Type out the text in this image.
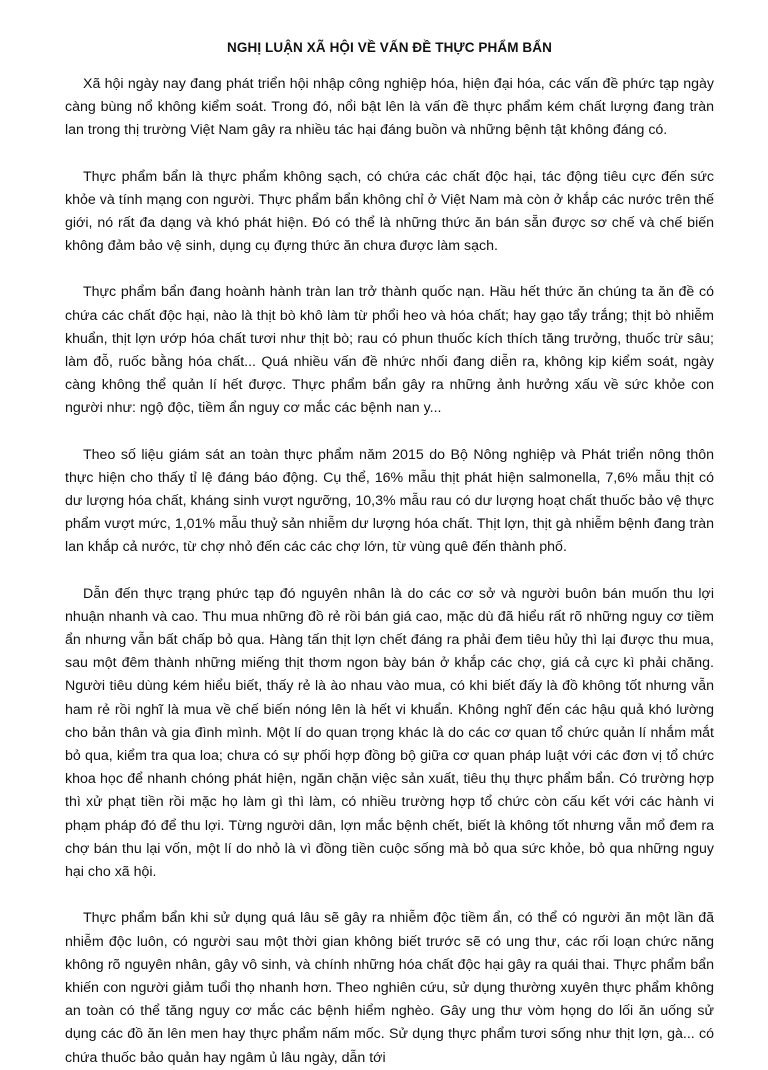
NGHỊ LUẬN XÃ HỘI VỀ VẤN ĐỀ THỰC PHẨM BẨN

Xã hội ngày nay đang phát triển hội nhập công nghiệp hóa, hiện đại hóa, các vấn đề phức tạp ngày càng bùng nổ không kiểm soát. Trong đó, nổi bật lên là vấn đề thực phẩm kém chất lượng đang tràn lan trong thị trường Việt Nam gây ra nhiều tác hại đáng buồn và những bệnh tật không đáng có.

Thực phẩm bẩn là thực phẩm không sạch, có chứa các chất độc hại, tác động tiêu cực đến sức khỏe và tính mạng con người. Thực phẩm bẩn không chỉ ở Việt Nam mà còn ở khắp các nước trên thế giới, nó rất đa dạng và khó phát hiện. Đó có thể là những thức ăn bán sẵn được sơ chế và chế biến không đảm bảo vệ sinh, dụng cụ đựng thức ăn chưa được làm sạch.

Thực phẩm bẩn đang hoành hành tràn lan trở thành quốc nạn. Hầu hết thức ăn chúng ta ăn đề có chứa các chất độc hại, nào là thịt bò khô làm từ phổi heo và hóa chất; hay gạo tẩy trắng; thịt bò nhiễm khuẩn, thịt lợn ướp hóa chất tươi như thịt bò; rau có phun thuốc kích thích tăng trưởng, thuốc trừ sâu; làm đỗ, ruốc bằng hóa chất... Quá nhiều vấn đề nhức nhối đang diễn ra, không kịp kiểm soát, ngày càng không thể quản lí hết được. Thực phẩm bẩn gây ra những ảnh hưởng xấu về sức khỏe con người như: ngộ độc, tiềm ẩn nguy cơ mắc các bệnh nan y...

Theo số liệu giám sát an toàn thực phẩm năm 2015 do Bộ Nông nghiệp và Phát triển nông thôn thực hiện cho thấy tỉ lệ đáng báo động. Cụ thể, 16% mẫu thịt phát hiện salmonella, 7,6% mẫu thịt có dư lượng hóa chất, kháng sinh vượt ngưỡng, 10,3% mẫu rau có dư lượng hoạt chất thuốc bảo vệ thực phẩm vượt mức, 1,01% mẫu thuỷ sản nhiễm dư lượng hóa chất. Thịt lợn, thịt gà nhiễm bệnh đang tràn lan khắp cả nước, từ chợ nhỏ đến các các chợ lớn, từ vùng quê đến thành phố.

Dẫn đến thực trạng phức tạp đó nguyên nhân là do các cơ sở và người buôn bán muốn thu lợi nhuận nhanh và cao. Thu mua những đồ rẻ rồi bán giá cao, mặc dù đã hiểu rất rõ những nguy cơ tiềm ẩn nhưng vẫn bất chấp bỏ qua. Hàng tấn thịt lợn chết đáng ra phải đem tiêu hủy thì lại được thu mua, sau một đêm thành những miếng thịt thơm ngon bày bán ở khắp các chợ, giá cả cực kì phải chăng. Người tiêu dùng kém hiểu biết, thấy rẻ là ào nhau vào mua, có khi biết đấy là đồ không tốt nhưng vẫn ham rẻ rồi nghĩ là mua về chế biến nóng lên là hết vi khuẩn. Không nghĩ đến các hậu quả khó lường cho bản thân và gia đình mình. Một lí do quan trọng khác là do các cơ quan tổ chức quản lí nhắm mắt bỏ qua, kiểm tra qua loa; chưa có sự phối hợp đồng bộ giữa cơ quan pháp luật với các đơn vị tổ chức khoa học để nhanh chóng phát hiện, ngăn chặn việc sản xuất, tiêu thụ thực phẩm bẩn. Có trường hợp thì xử phạt tiền rồi mặc họ làm gì thì làm, có nhiều trường hợp tổ chức còn cấu kết với các hành vi phạm pháp đó để thu lợi. Từng người dân, lợn mắc bệnh chết, biết là không tốt nhưng vẫn mổ đem ra chợ bán thu lại vốn, một lí do nhỏ là vì đồng tiền cuộc sống mà bỏ qua sức khỏe, bỏ qua những nguy hại cho xã hội.

Thực phẩm bẩn khi sử dụng quá lâu sẽ gây ra nhiễm độc tiềm ẩn, có thể có người ăn một lần đã nhiễm độc luôn, có người sau một thời gian không biết trước sẽ có ung thư, các rối loạn chức năng không rõ nguyên nhân, gây vô sinh, và chính những hóa chất độc hại gây ra quái thai. Thực phẩm bẩn khiến con người giảm tuổi thọ nhanh hơn. Theo nghiên cứu, sử dụng thường xuyên thực phẩm không an toàn có thể tăng nguy cơ mắc các bệnh hiểm nghèo. Gây ung thư vòm họng do lối ăn uống sử dụng các đồ ăn lên men hay thực phẩm nấm mốc. Sử dụng thực phẩm tươi sống như thịt lợn, gà... có chứa thuốc bảo quản hay ngâm ủ lâu ngày, dẫn tới
